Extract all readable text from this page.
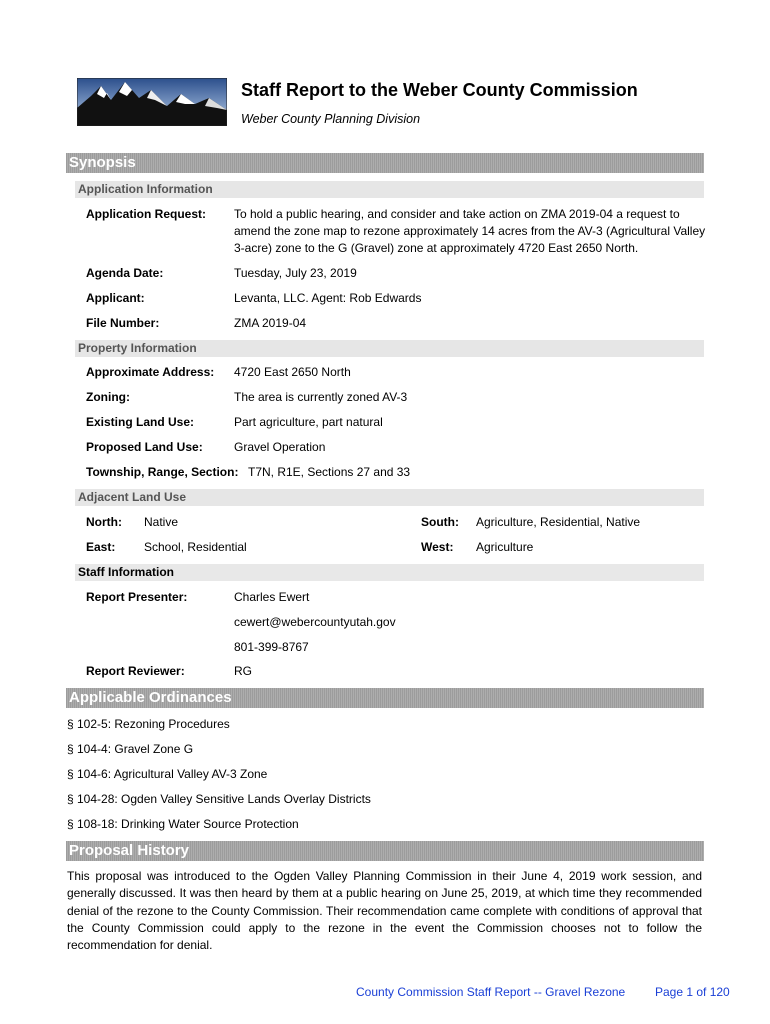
Staff Report to the Weber County Commission
Weber County Planning Division
Synopsis
Application Information
Application Request: To hold a public hearing, and consider and take action on ZMA 2019-04 a request to amend the zone map to rezone approximately 14 acres from the AV-3 (Agricultural Valley 3-acre) zone to the G (Gravel) zone at approximately 4720 East 2650 North.
Agenda Date:	Tuesday, July 23, 2019
Applicant:	Levanta, LLC. Agent: Rob Edwards
File Number:	ZMA 2019-04
Property Information
Approximate Address: 4720 East 2650 North
Zoning:	The area is currently zoned AV-3
Existing Land Use:	Part agriculture, part natural
Proposed Land Use:	Gravel Operation
Township, Range, Section: T7N, R1E, Sections 27 and 33
Adjacent Land Use
North: Native	South: Agriculture, Residential, Native
East: School, Residential	West: Agriculture
Staff Information
Report Presenter:	Charles Ewert
cewert@webercountyutah.gov
801-399-8767
Report Reviewer:	RG
Applicable Ordinances
§ 102-5: Rezoning Procedures
§ 104-4: Gravel Zone G
§ 104-6: Agricultural Valley AV-3 Zone
§ 104-28: Ogden Valley Sensitive Lands Overlay Districts
§ 108-18: Drinking Water Source Protection
Proposal History
This proposal was introduced to the Ogden Valley Planning Commission in their June 4, 2019 work session, and generally discussed. It was then heard by them at a public hearing on June 25, 2019, at which time they recommended denial of the rezone to the County Commission. Their recommendation came complete with conditions of approval that the County Commission could apply to the rezone in the event the Commission chooses not to follow the recommendation for denial.
County Commission Staff Report -- Gravel Rezone Page 1 of 120
